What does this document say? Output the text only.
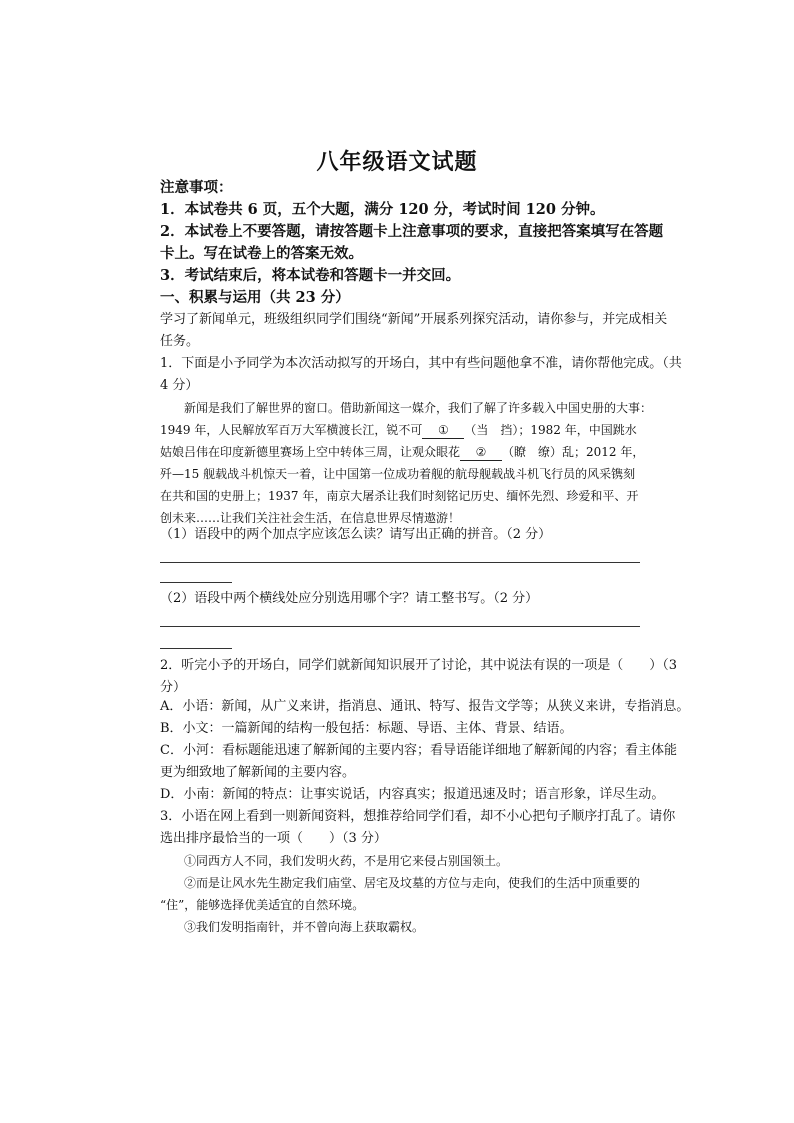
八年级语文试题
注意事项：
1．本试卷共 6 页，五个大题，满分 120 分，考试时间 120 分钟。
2．本试卷上不要答题，请按答题卡上注意事项的要求，直接把答案填写在答题
卡上。写在试卷上的答案无效。
3．考试结束后，将本试卷和答题卡一并交回。
一、积累与运用（共 23 分）
学习了新闻单元，班级组织同学们围绕“新闻”开展系列探究活动，请你参与，并完成相关
任务。
1．下面是小予同学为本次活动拟写的开场白，其中有些问题他拿不准，请你帮他完成。（共
4 分）
新闻是我们了解世界的窗口。借助新闻这一媒介，我们了解了许多载入中国史册的大事：
1949 年，人民解放军百万大军横渡长江，锐不可 ① （当　挡）；1982 年，中国跳水
姑娘吕伟在印度新德里赛场上空中转体三周，让观众眼花 ② （瞭　缭）乱；2012 年，
歼—15 舰载战斗机惊天一着，让中国第一位成功着舰的航母舰载战斗机飞行员的风采镌刻
在共和国的史册上；1937 年，南京大屠杀让我们时刻铭记历史、缅怀先烈、珍爱和平、开
创未来……让我们关注社会生活，在信息世界尽情遨游！
（1）语段中的两个加点字应该怎么读？请写出正确的拼音。（2 分）
（2）语段中两个横线处应分别选用哪个字？请工整书写。（2 分）
2．听完小予的开场白，同学们就新闻知识展开了讨论，其中说法有误的一项是（　　）（3
分）
A．小语：新闻，从广义来讲，指消息、通讯、特写、报告文学等；从狭义来讲，专指消息。
B．小文：一篇新闻的结构一般包括：标题、导语、主体、背景、结语。
C．小河：看标题能迅速了解新闻的主要内容；看导语能详细地了解新闻的内容；看主体能
更为细致地了解新闻的主要内容。
D．小南：新闻的特点：让事实说话，内容真实；报道迅速及时；语言形象，详尽生动。
3．小语在网上看到一则新闻资料，想推荐给同学们看，却不小心把句子顺序打乱了。请你
选出排序最恰当的一项（　　）（3 分）
①同西方人不同，我们发明火药，不是用它来侵占别国领土。
②而是让风水先生勘定我们庙堂、居宅及坟墓的方位与走向，使我们的生活中顶重要的
“住”，能够选择优美适宜的自然环境。
③我们发明指南针，并不曾向海上获取霸权。
